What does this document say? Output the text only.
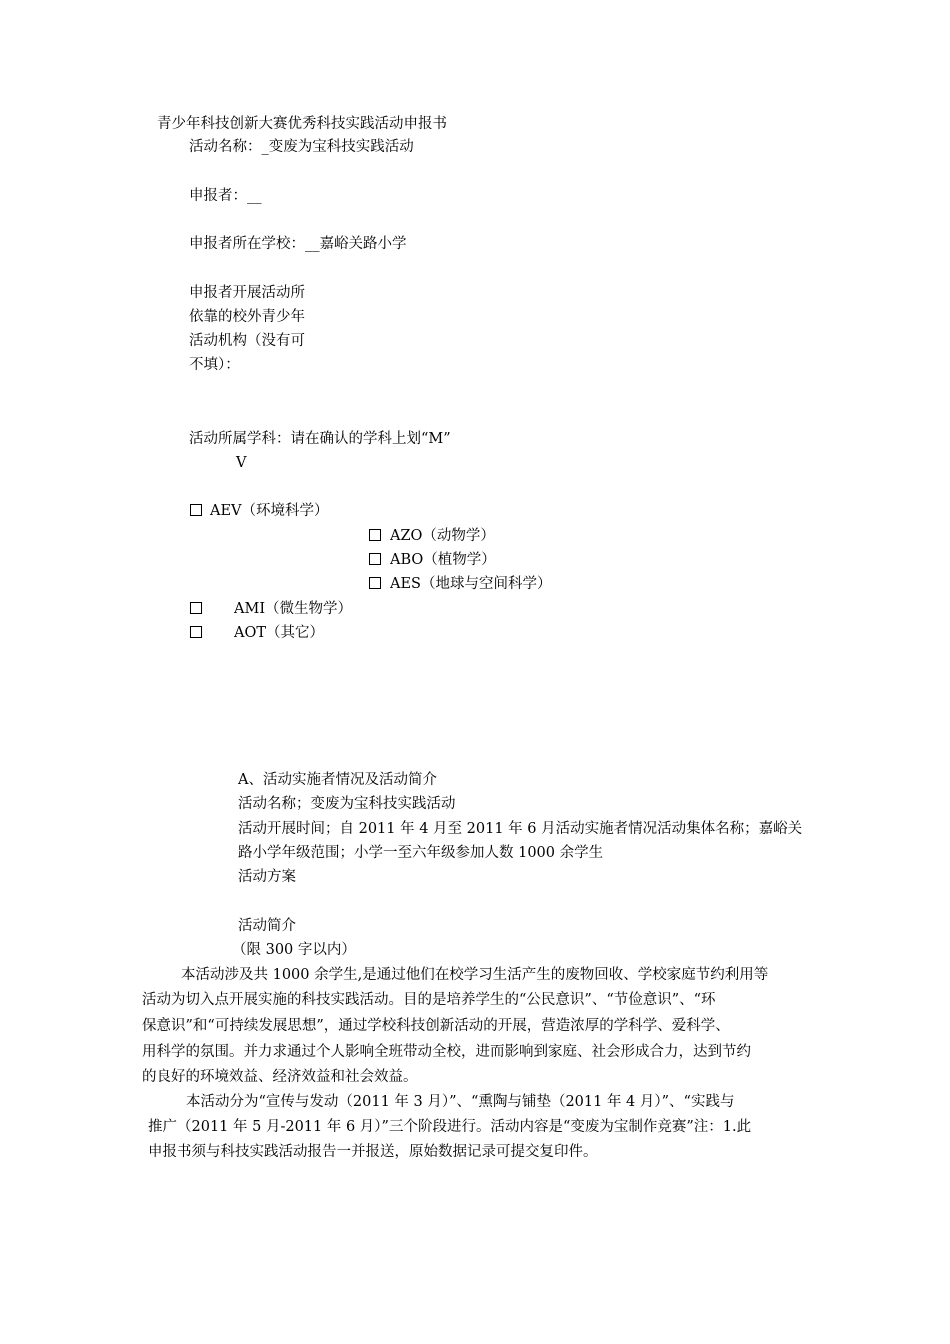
青少年科技创新大赛优秀科技实践活动申报书
活动名称：_变废为宝科技实践活动
申报者：__
申报者所在学校：__嘉峪关路小学
申报者开展活动所
依靠的校外青少年
活动机构（没有可
不填）：
活动所属学科：请在确认的学科上划“M”
V
AEV（环境科学）
AZO（动物学）
ABO（植物学）
AES（地球与空间科学）
AMI（微生物学）
AOT（其它）
A、活动实施者情况及活动简介
活动名称；变废为宝科技实践活动
活动开展时间；自 2011 年 4 月至 2011 年 6 月活动实施者情况活动集体名称；嘉峪关
路小学年级范围；小学一至六年级参加人数 1000 余学生
活动方案
活动简介
（限 300 字以内）
本活动涉及共 1000 余学生,是通过他们在校学习生活产生的废物回收、学校家庭节约利用等
活动为切入点开展实施的科技实践活动。目的是培养学生的“公民意识”、“节俭意识”、“环
保意识”和“可持续发展思想”，通过学校科技创新活动的开展，营造浓厚的学科学、爱科学、
用科学的氛围。并力求通过个人影响全班带动全校，进而影响到家庭、社会形成合力，达到节约
的良好的环境效益、经济效益和社会效益。
本活动分为“宣传与发动（2011 年 3 月）”、“熏陶与铺垫（2011 年 4 月）”、“实践与
推广（2011 年 5 月-2011 年 6 月）”三个阶段进行。活动内容是“变废为宝制作竞赛”注：1.此
申报书须与科技实践活动报告一并报送，原始数据记录可提交复印件。
